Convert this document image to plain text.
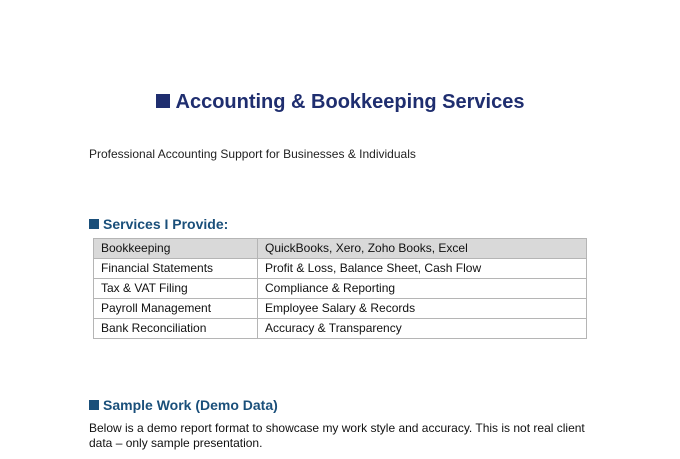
Accounting & Bookkeeping Services
Professional Accounting Support for Businesses & Individuals
Services I Provide:
Bookkeeping	QuickBooks, Xero, Zoho Books, Excel
Financial Statements	Profit & Loss, Balance Sheet, Cash Flow
Tax & VAT Filing	Compliance & Reporting
Payroll Management	Employee Salary & Records
Bank Reconciliation	Accuracy & Transparency
Sample Work (Demo Data)
Below is a demo report format to showcase my work style and accuracy. This is not real client data – only sample presentation.
